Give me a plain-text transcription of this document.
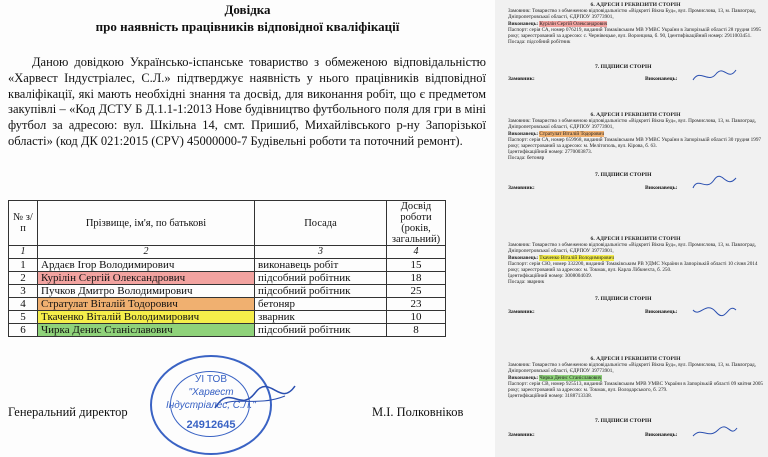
Довідка
про наявність працівників відповідної кваліфікації
Даною довідкою Українсько-іспанське товариство з обмеженою відповідальністю «Харвест Індустріалес, С.Л.» підтверджує наявність у нього працівників відповідної кваліфікації, які мають необхідні знання та досвід, для виконання робіт, що є предметом закупівлі – «Код ДСТУ Б Д.1.1-1:2013 Нове будівництво футбольного поля для гри в міні футбол за адресою: вул. Шкільна 14, смт. Пришиб, Михайлівського р-ну Запорізької області» (код ДК 021:2015 (CPV) 45000000-7 Будівельні роботи та поточний ремонт).
№ з/п	Прізвище, ім'я, по батькові	Посада	Досвід роботи (років, загальний)
1	2	3	4
1	Ардаєв Ігор Володимирович	виконавець робіт	15
2	Курілін Сергій Олександрович	підсобний робітник	18
3	Пучков Дмитро Володимирович	підсобний робітник	25
4	Стратулат Віталій Тодорович	бетоняр	23
5	Ткаченко Віталій Володимирович	зварник	10
6	Чирка Денис Станіславович	підсобний робітник	8
УІ ТОВ
"Харвест
Індустріалес, С.Л."
24912645
Генеральний директор	М.І. Полковніков
6. АДРЕСИ І РЕКВІЗИТИ СТОРІН

Замовник: Товариство з обмеженою відповідальністю «Відкриті Вікна Буд», вул. Промислова, 13, м. Павлоград, Дніпропетровської області, ЄДРПОУ 39773901,

Виконавець: Курілін Сергій Олександрович

Паспорт: серія СА, номер 076219, виданий Томаківським МВ УМВС України в Запорізькій області 28 грудня 1995 року; зареєстрований за адресою: с. Чернівецьке, вул. Воронцова, б. 90, Ідентифікаційний номер: 2911003451.

Посада: підсобний робітник

7. ПІДПИСИ СТОРІН
Замовник:	Виконавець:
6. АДРЕСИ І РЕКВІЗИТИ СТОРІН

Замовник: Товариство з обмеженою відповідальністю «Відкриті Вікна Буд», вул. Промислова, 13, м. Павлоград, Дніпропетровської області, ЄДРПОУ 39773901,

Виконавець: Стратулат Віталій Тодорович

Паспорт: серія СА, номер 659968, виданий Томаківським МВ УМВС України в Запорізькій області 30 грудня 1997 року; зареєстрований за адресою: м. Мелітополь, вул. Кірова, б. 63.

Ідентифікаційний номер: 2770003873.

Посада: бетоняр

7. ПІДПИСИ СТОРІН
Замовник:	Виконавець:
6. АДРЕСИ І РЕКВІЗИТИ СТОРІН

Замовник: Товариство з обмеженою відповідальністю «Відкриті Вікна Буд», вул. Промислова, 13, м. Павлоград, Дніпропетровської області, ЄДРПОУ 39773901,

Виконавець: Ткаченко Віталій Володимирович

Паспорт: серія СЮ, номер 332200, виданий Томаківським РВ УДМС України в Запорізькій області 10 січня 2014 року; зареєстрований за адресою: м. Токмак, вул. Карла Лібкнехта, б. 250.

Ідентифікаційний номер: 3008004039.

Посада: зварник

7. ПІДПИСИ СТОРІН
Замовник:	Виконавець:
6. АДРЕСИ І РЕКВІЗИТИ СТОРІН

Замовник: Товариство з обмеженою відповідальністю «Відкриті Вікна Буд», вул. Промислова, 13, м. Павлоград, Дніпропетровської області, ЄДРПОУ 39773901,

Виконавець: Чирка Денис Станіславович

Паспорт: серія СВ, номер 925513, виданий Томаківським МРВ УМВС України в Запорізькій області 09 квітня 2005 року; зареєстрований за адресою: м. Токмак, вул. Володарського, б. 279.

Ідентифікаційний номер: 3188713338.

7. ПІДПИСИ СТОРІН
Замовник:	Виконавець:
